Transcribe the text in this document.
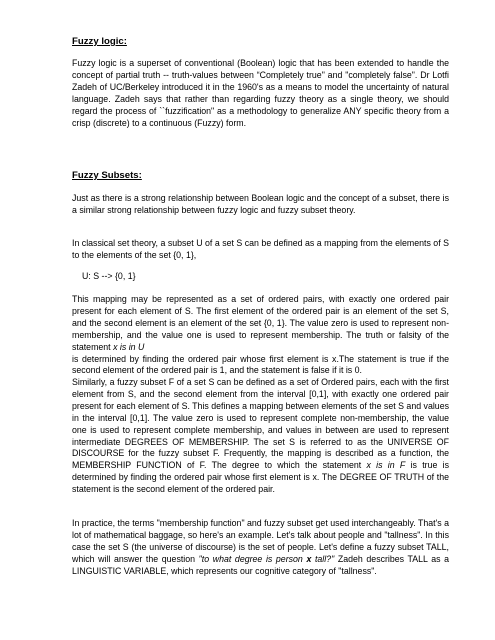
Fuzzy logic:

Fuzzy logic is a superset of conventional (Boolean) logic that has been extended to handle the concept of partial truth -- truth-values between “Completely true" and "completely false". Dr Lotfi Zadeh of UC/Berkeley introduced it in the 1960's as a means to model the uncertainty of natural language. Zadeh says that rather than regarding fuzzy theory as a single theory, we should regard the process of ``fuzzification" as a methodology to generalize ANY specific theory from a crisp (discrete) to a continuous (Fuzzy) form.

Fuzzy Subsets:

Just as there is a strong relationship between Boolean logic and the concept of a subset, there is a similar strong relationship between fuzzy logic and fuzzy subset theory.

In classical set theory, a subset U of a set S can be defined as a mapping from the elements of S to the elements of the set {0, 1},

U: S --> {0, 1}

This mapping may be represented as a set of ordered pairs, with exactly one ordered pair present for each element of S. The first element of the ordered pair is an element of the set S, and the second element is an element of the set {0, 1}. The value zero is used to represent non-membership, and the value one is used to represent membership. The truth or falsity of the statement x is in U
is determined by finding the ordered pair whose first element is x.The statement is true if the second element of the ordered pair is 1, and the statement is false if it is 0.

Similarly, a fuzzy subset F of a set S can be defined as a set of Ordered pairs, each with the first element from S, and the second element from the interval [0,1], with exactly one ordered pair present for each element of S. This defines a mapping between elements of the set S and values in the interval [0,1]. The value zero is used to represent complete non-membership, the value one is used to represent complete membership, and values in between are used to represent intermediate DEGREES OF MEMBERSHIP. The set S is referred to as the UNIVERSE OF DISCOURSE for the fuzzy subset F. Frequently, the mapping is described as a function, the MEMBERSHIP FUNCTION of F. The degree to which the statement x is in F is true is determined by finding the ordered pair whose first element is x. The DEGREE OF TRUTH of the statement is the second element of the ordered pair.

In practice, the terms "membership function" and fuzzy subset get used interchangeably. That's a lot of mathematical baggage, so here's an example. Let's talk about people and "tallness". In this case the set S (the universe of discourse) is the set of people. Let's define a fuzzy subset TALL, which will answer the question "to what degree is person x tall?" Zadeh describes TALL as a LINGUISTIC VARIABLE, which represents our cognitive category of "tallness".
